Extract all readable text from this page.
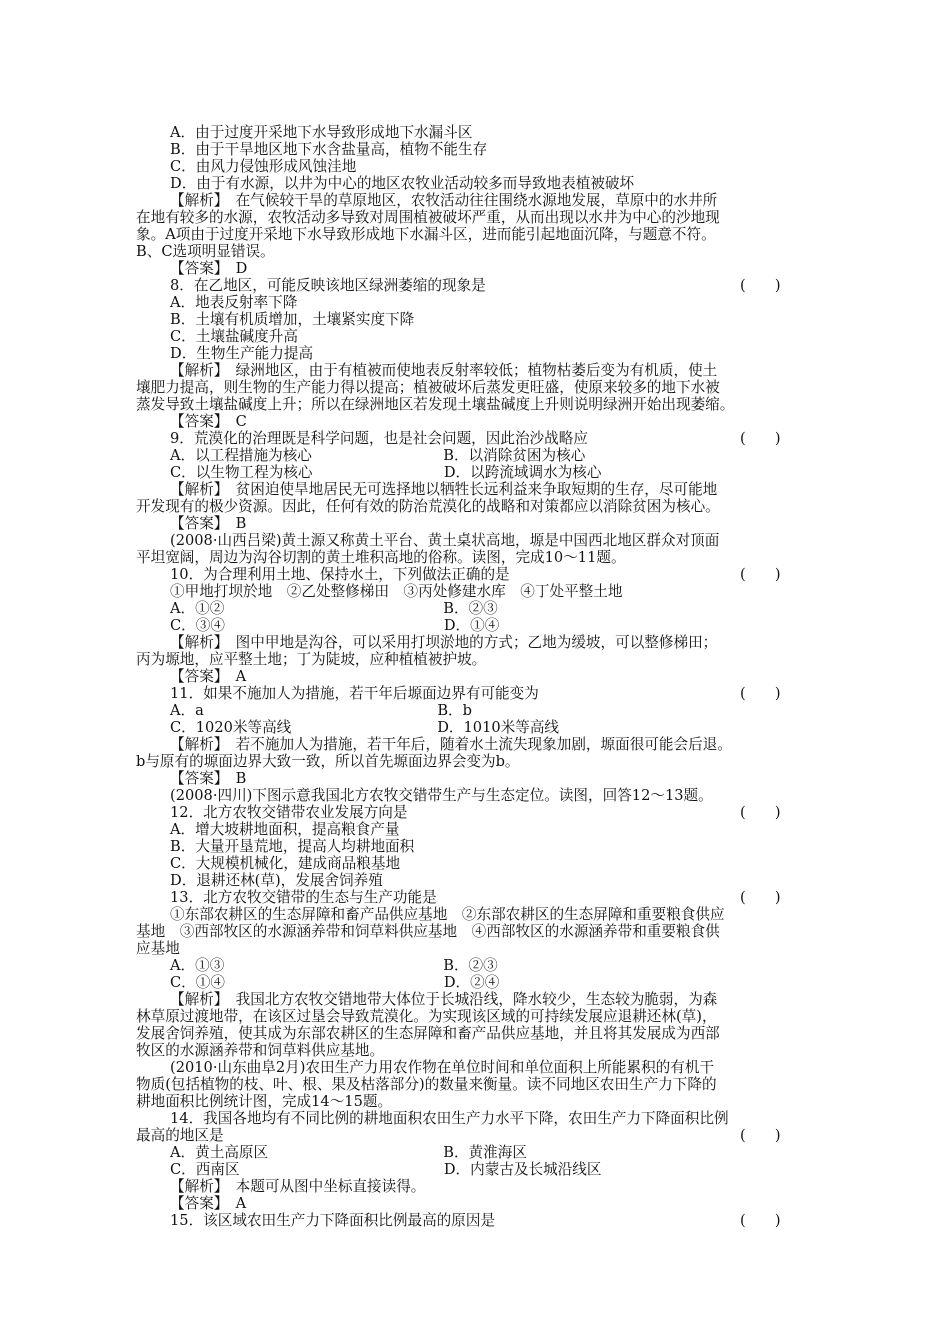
A．由于过度开采地下水导致形成地下水漏斗区
B．由于干旱地区地下水含盐量高，植物不能生存
C．由风力侵蚀形成风蚀洼地
D．由于有水源，以井为中心的地区农牧业活动较多而导致地表植被破坏
【解析】　在气候较干旱的草原地区，农牧活动往往围绕水源地发展，草原中的水井所
在地有较多的水源，农牧活动多导致对周围植被破坏严重，从而出现以水井为中心的沙地现
象。A项由于过度开采地下水导致形成地下水漏斗区，进而能引起地面沉降，与题意不符。
B、C选项明显错误。
【答案】　D
8．在乙地区，可能反映该地区绿洲萎缩的现象是
A．地表反射率下降
B．土壤有机质增加，土壤紧实度下降
C．土壤盐碱度升高
D．生物生产能力提高
【解析】　绿洲地区，由于有植被而使地表反射率较低；植物枯萎后变为有机质，使土
壤肥力提高，则生物的生产能力得以提高；植被破坏后蒸发更旺盛，使原来较多的地下水被
蒸发导致土壤盐碱度上升；所以在绿洲地区若发现土壤盐碱度上升则说明绿洲开始出现萎缩。
【答案】　C
9．荒漠化的治理既是科学问题，也是社会问题，因此治沙战略应
A．以工程措施为核心　　　　　　　　　B．以消除贫困为核心
C．以生物工程为核心　　　　　　　　　D．以跨流域调水为核心
【解析】　贫困迫使旱地居民无可选择地以牺牲长远利益来争取短期的生存，尽可能地
开发现有的极少资源。因此，任何有效的防治荒漠化的战略和对策都应以消除贫困为核心。
【答案】　B
(2008·山西吕梁)黄土源又称黄土平台、黄土桌状高地，塬是中国西北地区群众对顶面
平坦宽阔，周边为沟谷切割的黄土堆积高地的俗称。读图，完成10～11题。
10．为合理利用土地、保持水土，下列做法正确的是
①甲地打坝於地　②乙处整修梯田　③丙处修建水库　④丁处平整土地
A．①②　　　　　　　　　　　　　　　B．②③
C．③④　　　　　　　　　　　　　　　D．①④
【解析】　图中甲地是沟谷，可以采用打坝淤地的方式；乙地为缓坡，可以整修梯田；
丙为塬地，应平整土地；丁为陡坡，应种植植被护坡。
【答案】　A
11．如果不施加人为措施，若干年后塬面边界有可能变为
A．a　　　　　　　　　　　　　　　　B．b
C．1020米等高线　　　　　　　　　　D．1010米等高线
【解析】　若不施加人为措施，若干年后，随着水土流失现象加剧，塬面很可能会后退。
b与原有的塬面边界大致一致，所以首先塬面边界会变为b。
【答案】　B
(2008·四川)下图示意我国北方农牧交错带生产与生态定位。读图，回答12～13题。
12．北方农牧交错带农业发展方向是
A．增大坡耕地面积，提高粮食产量
B．大量开垦荒地，提高人均耕地面积
C．大规模机械化，建成商品粮基地
D．退耕还林(草)，发展舍饲养殖
13．北方农牧交错带的生态与生产功能是
①东部农耕区的生态屏障和畜产品供应基地　②东部农耕区的生态屏障和重要粮食供应
基地　③西部牧区的水源涵养带和饲草料供应基地　④西部牧区的水源涵养带和重要粮食供
应基地
A．①③　　　　　　　　　　　　　　　B．②③
C．①④　　　　　　　　　　　　　　　D．②④
【解析】　我国北方农牧交错地带大体位于长城沿线，降水较少，生态较为脆弱，为森
林草原过渡地带，在该区过垦会导致荒漠化。为实现该区域的可持续发展应退耕还林(草)，
发展舍饲养殖，使其成为东部农耕区的生态屏障和畜产品供应基地，并且将其发展成为西部
牧区的水源涵养带和饲草料供应基地。
(2010·山东曲阜2月)农田生产力用农作物在单位时间和单位面积上所能累积的有机干
物质(包括植物的枝、叶、根、果及枯落部分)的数量来衡量。读不同地区农田生产力下降的
耕地面积比例统计图，完成14～15题。
14．我国各地均有不同比例的耕地面积农田生产力水平下降，农田生产力下降面积比例
最高的地区是
A．黄土高原区　　　　　　　　　　　　B．黄淮海区
C．西南区　　　　　　　　　　　　　　D．内蒙古及长城沿线区
【解析】　本题可从图中坐标直接读得。
【答案】　A
15．该区域农田生产力下降面积比例最高的原因是
(　　)
(　　)
(　　)
(　　)
(　　)
(　　)
(　　)
(　　)
